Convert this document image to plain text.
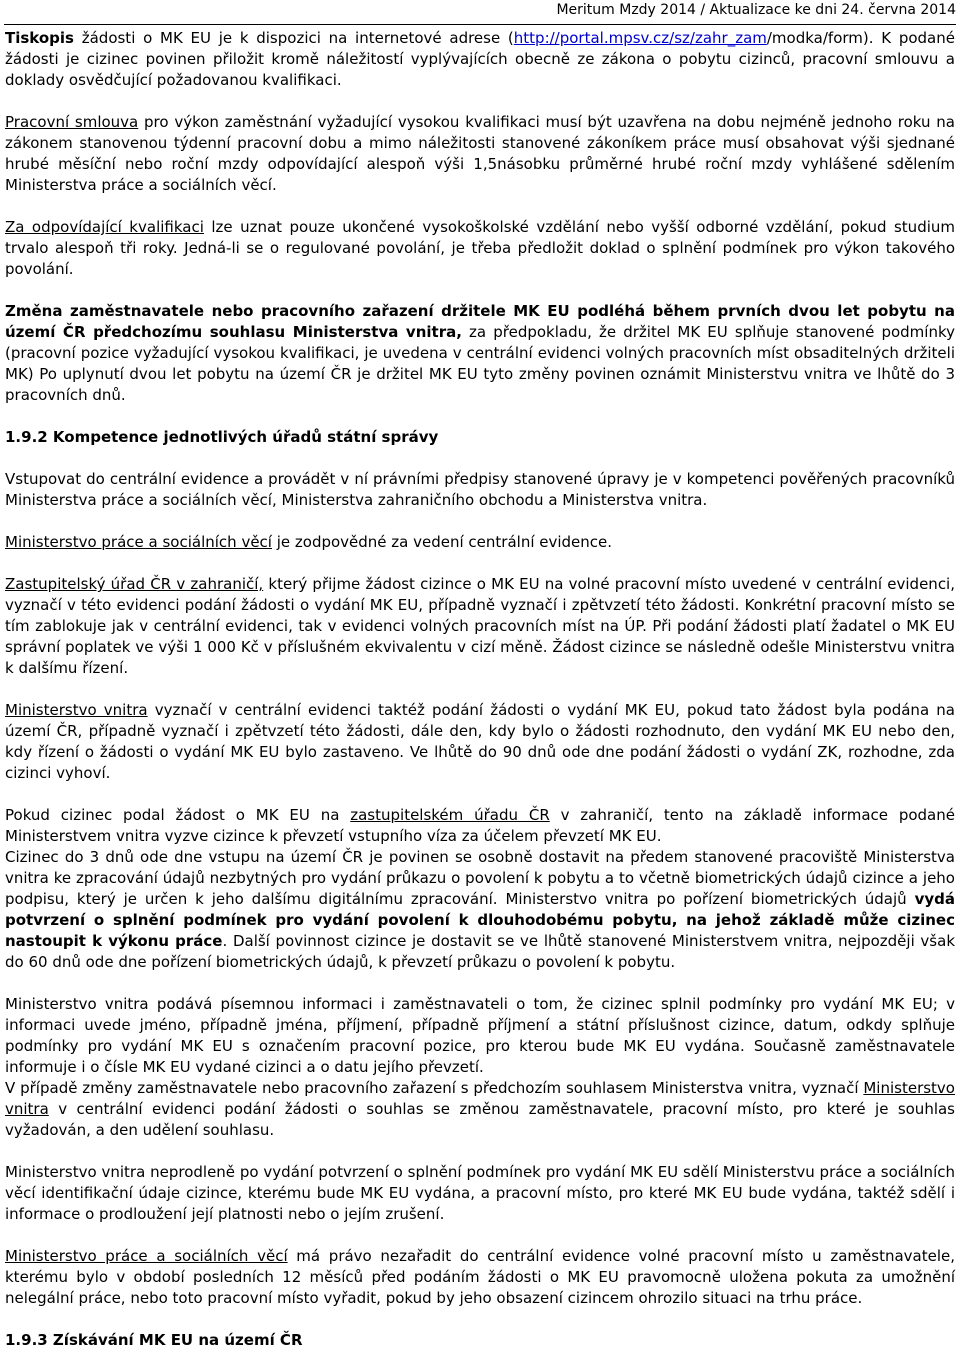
Meritum Mzdy 2014 / Aktualizace ke dni 24. června 2014

Tiskopis žádosti o MK EU je k dispozici na internetové adrese (http://portal.mpsv.cz/sz/zahr_zam/modka/form). K podané žádosti je cizinec povinen přiložit kromě náležitostí vyplývajících obecně ze zákona o pobytu cizinců, pracovní smlouvu a doklady osvědčující požadovanou kvalifikaci.

Pracovní smlouva pro výkon zaměstnání vyžadující vysokou kvalifikaci musí být uzavřena na dobu nejméně jednoho roku na zákonem stanovenou týdenní pracovní dobu a mimo náležitosti stanovené zákoníkem práce musí obsahovat výši sjednané hrubé měsíční nebo roční mzdy odpovídající alespoň výši 1,5násobku průměrné hrubé roční mzdy vyhlášené sdělením Ministerstva práce a sociálních věcí.

Za odpovídající kvalifikaci lze uznat pouze ukončené vysokoškolské vzdělání nebo vyšší odborné vzdělání, pokud studium trvalo alespoň tři roky. Jedná-li se o regulované povolání, je třeba předložit doklad o splnění podmínek pro výkon takového povolání.

Změna zaměstnavatele nebo pracovního zařazení držitele MK EU podléhá během prvních dvou let pobytu na území ČR předchozímu souhlasu Ministerstva vnitra, za předpokladu, že držitel MK EU splňuje stanovené podmínky (pracovní pozice vyžadující vysokou kvalifikaci, je uvedena v centrální evidenci volných pracovních míst obsaditelných držiteli MK) Po uplynutí dvou let pobytu na území ČR je držitel MK EU tyto změny povinen oznámit Ministerstvu vnitra ve lhůtě do 3 pracovních dnů.

1.9.2 Kompetence jednotlivých úřadů státní správy

Vstupovat do centrální evidence a provádět v ní právními předpisy stanovené úpravy je v kompetenci pověřených pracovníků Ministerstva práce a sociálních věcí, Ministerstva zahraničního obchodu a Ministerstva vnitra.

Ministerstvo práce a sociálních věcí je zodpovědné za vedení centrální evidence.

Zastupitelský úřad ČR v zahraničí, který přijme žádost cizince o MK EU na volné pracovní místo uvedené v centrální evidenci, vyznačí v této evidenci podání žádosti o vydání MK EU, případně vyznačí i zpětvzetí této žádosti. Konkrétní pracovní místo se tím zablokuje jak v centrální evidenci, tak v evidenci volných pracovních míst na ÚP. Při podání žádosti platí žadatel o MK EU správní poplatek ve výši 1 000 Kč v příslušném ekvivalentu v cizí měně. Žádost cizince se následně odešle Ministerstvu vnitra k dalšímu řízení.

Ministerstvo vnitra vyznačí v centrální evidenci taktéž podání žádosti o vydání MK EU, pokud tato žádost byla podána na území ČR, případně vyznačí i zpětvzetí této žádosti, dále den, kdy bylo o žádosti rozhodnuto, den vydání MK EU nebo den, kdy řízení o žádosti o vydání MK EU bylo zastaveno. Ve lhůtě do 90 dnů ode dne podání žádosti o vydání ZK, rozhodne, zda cizinci vyhoví.

Pokud cizinec podal žádost o MK EU na zastupitelském úřadu ČR v zahraničí, tento na základě informace podané Ministerstvem vnitra vyzve cizince k převzetí vstupního víza za účelem převzetí MK EU.

Cizinec do 3 dnů ode dne vstupu na území ČR je povinen se osobně dostavit na předem stanovené pracoviště Ministerstva vnitra ke zpracování údajů nezbytných pro vydání průkazu o povolení k pobytu a to včetně biometrických údajů cizince a jeho podpisu, který je určen k jeho dalšímu digitálnímu zpracování. Ministerstvo vnitra po pořízení biometrických údajů vydá potvrzení o splnění podmínek pro vydání povolení k dlouhodobému pobytu, na jehož základě může cizinec nastoupit k výkonu práce. Další povinnost cizince je dostavit se ve lhůtě stanovené Ministerstvem vnitra, nejpozději však do 60 dnů ode dne pořízení biometrických údajů, k převzetí průkazu o povolení k pobytu.

Ministerstvo vnitra podává písemnou informaci i zaměstnavateli o tom, že cizinec splnil podmínky pro vydání MK EU; v informaci uvede jméno, případně jména, příjmení, případně příjmení a státní příslušnost cizince, datum, odkdy splňuje podmínky pro vydání MK EU s označením pracovní pozice, pro kterou bude MK EU vydána. Současně zaměstnavatele informuje i o čísle MK EU vydané cizinci a o datu jejího převzetí.

V případě změny zaměstnavatele nebo pracovního zařazení s předchozím souhlasem Ministerstva vnitra, vyznačí Ministerstvo vnitra v centrální evidenci podání žádosti o souhlas se změnou zaměstnavatele, pracovní místo, pro které je souhlas vyžadován, a den udělení souhlasu.

Ministerstvo vnitra neprodleně po vydání potvrzení o splnění podmínek pro vydání MK EU sdělí Ministerstvu práce a sociálních věcí identifikační údaje cizince, kterému bude MK EU vydána, a pracovní místo, pro které MK EU bude vydána, taktéž sdělí i informace o prodloužení její platnosti nebo o jejím zrušení.

Ministerstvo práce a sociálních věcí má právo nezařadit do centrální evidence volné pracovní místo u zaměstnavatele, kterému bylo v období posledních 12 měsíců před podáním žádosti o MK EU pravomocně uložena pokuta za umožnění nelegální práce, nebo toto pracovní místo vyřadit, pokud by jeho obsazení cizincem ohrozilo situaci na trhu práce.

1.9.3 Získávání MK EU na území ČR
